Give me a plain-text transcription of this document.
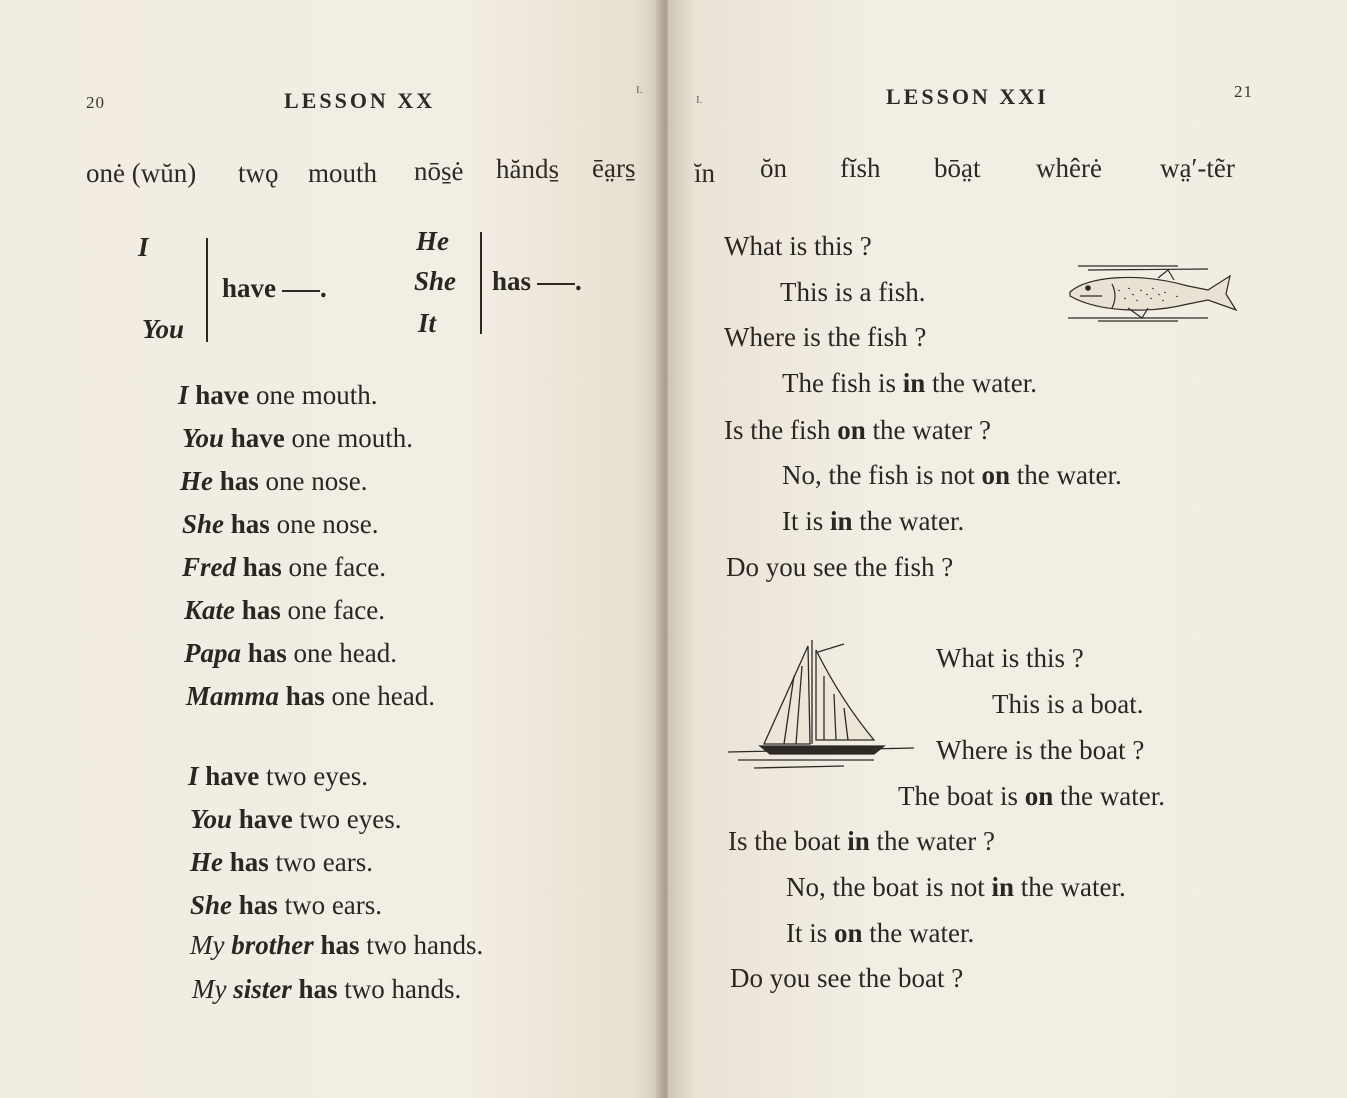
20	LESSON XX	I.
onė (wŭn) twǫ mouth nōs̱ė hănds̱ ēa̤rs̱
I
You
have .
He
She
It
has .
I have one mouth.
You have one mouth.
He has one nose.
She has one nose.
Fred has one face.
Kate has one face.
Papa has one head.
Mamma has one head.
I have two eyes.
You have two eyes.
He has two ears.
She has two ears.
My brother has two hands.
My sister has two hands.
I.	LESSON XXI	21
ĭn ŏn fĭsh bōa̤t whêrė wa̤′-tẽr
What is this ?
This is a fish.
Where is the fish ?
The fish is in the water.
Is the fish on the water ?
No, the fish is not on the water.
It is in the water.
Do you see the fish ?
What is this ?
This is a boat.
Where is the boat ?
The boat is on the water.
Is the boat in the water ?
No, the boat is not in the water.
It is on the water.
Do you see the boat ?
